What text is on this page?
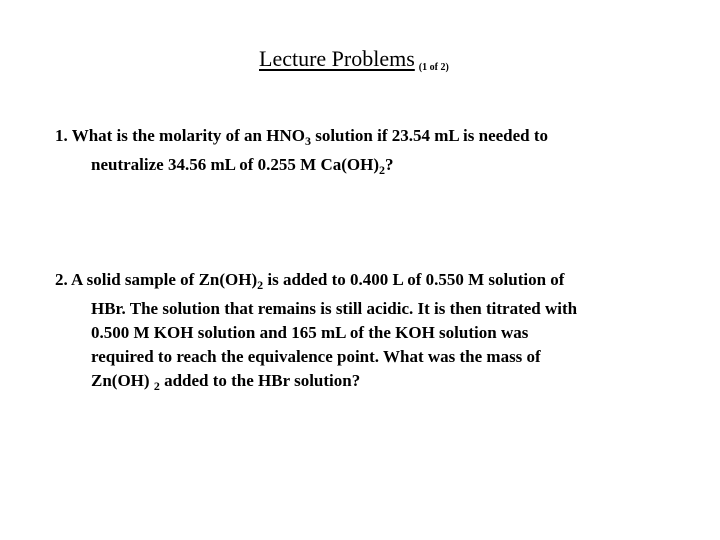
Lecture Problems (1 of 2)
1. What is the molarity of an $HNO_3$ solution if 23.54 mL is needed to
neutralize 34.56 mL of 0.255 M $Ca(OH)_2$?
2. A solid sample of $Zn(OH)_2$ is added to 0.400 L of 0.550 M solution of
HBr. The solution that remains is still acidic. It is then titrated with
0.500 M KOH solution and 165 mL of the KOH solution was
required to reach the equivalence point. What was the mass of
Zn(OH) $_2$ added to the HBr solution?
